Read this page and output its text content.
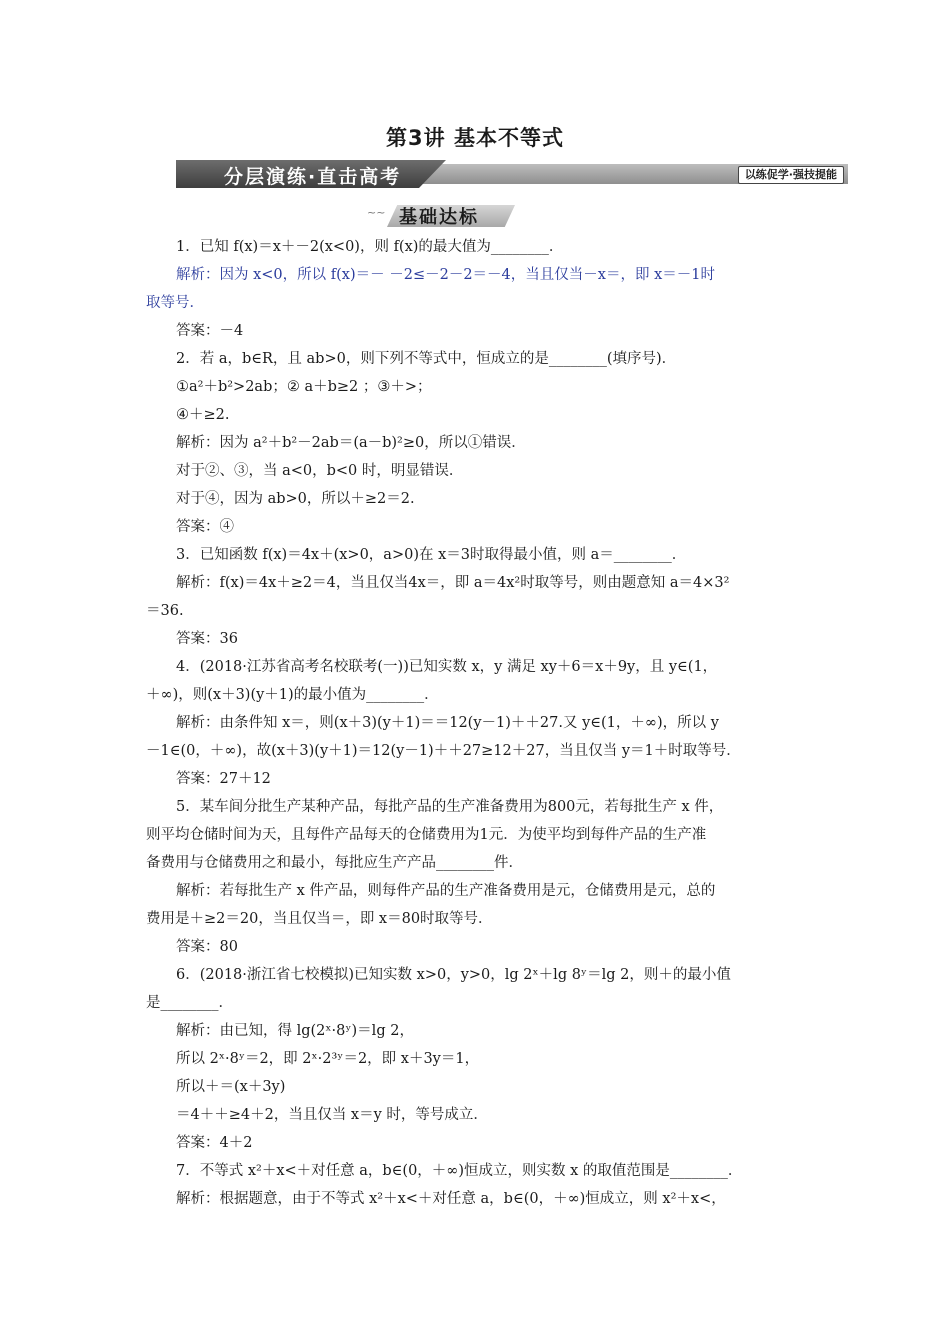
第3讲 基本不等式
分层演练·直击高考	以练促学·强技提能
~~ 基础达标

1．已知 f(x)＝x＋－2(x<0)，则 f(x)的最大值为________．

解析：因为 x<0，所以 f(x)＝－ －2≤－2－2＝－4，当且仅当－x＝，即 x＝－1时

取等号．

答案：－4

2．若 a，b∈R，且 ab>0，则下列不等式中，恒成立的是________(填序号)．

①a²＋b²>2ab；② a＋b≥2 ；③＋>；

④＋≥2.

解析：因为 a²＋b²－2ab＝(a－b)²≥0，所以①错误．

对于②、③，当 a<0，b<0 时，明显错误．

对于④，因为 ab>0，所以＋≥2＝2.

答案：④

3．已知函数 f(x)＝4x＋(x>0，a>0)在 x＝3时取得最小值，则 a＝________．

解析：f(x)＝4x＋≥2＝4，当且仅当4x＝，即 a＝4x²时取等号，则由题意知 a＝4×3²

＝36.

答案：36

4．(2018·江苏省高考名校联考(一))已知实数 x，y 满足 xy＋6＝x＋9y，且 y∈(1，

＋∞)，则(x＋3)(y＋1)的最小值为________．

解析：由条件知 x＝，则(x＋3)(y＋1)＝＝12(y－1)＋＋27.又 y∈(1，＋∞)，所以 y

－1∈(0，＋∞)，故(x＋3)(y＋1)＝12(y－1)＋＋27≥12＋27，当且仅当 y＝1＋时取等号．

答案：27＋12

5．某车间分批生产某种产品，每批产品的生产准备费用为800元，若每批生产 x 件，

则平均仓储时间为天，且每件产品每天的仓储费用为1元．为使平均到每件产品的生产准

备费用与仓储费用之和最小，每批应生产产品________件．

解析：若每批生产 x 件产品，则每件产品的生产准备费用是元，仓储费用是元，总的

费用是＋≥2＝20，当且仅当＝，即 x＝80时取等号．

答案：80

6．(2018·浙江省七校模拟)已知实数 x>0，y>0，lg 2ˣ＋lg 8ʸ＝lg 2，则＋的最小值

是________．

解析：由已知，得 lg(2ˣ·8ʸ)＝lg 2，

所以 2ˣ·8ʸ＝2，即 2ˣ·2³ʸ＝2，即 x＋3y＝1，

所以＋＝(x＋3y)

＝4＋＋≥4＋2，当且仅当 x＝y 时，等号成立．

答案：4＋2

7．不等式 x²＋x<＋对任意 a，b∈(0，＋∞)恒成立，则实数 x 的取值范围是________．

解析：根据题意，由于不等式 x²＋x<＋对任意 a，b∈(0，＋∞)恒成立，则 x²＋x<，
